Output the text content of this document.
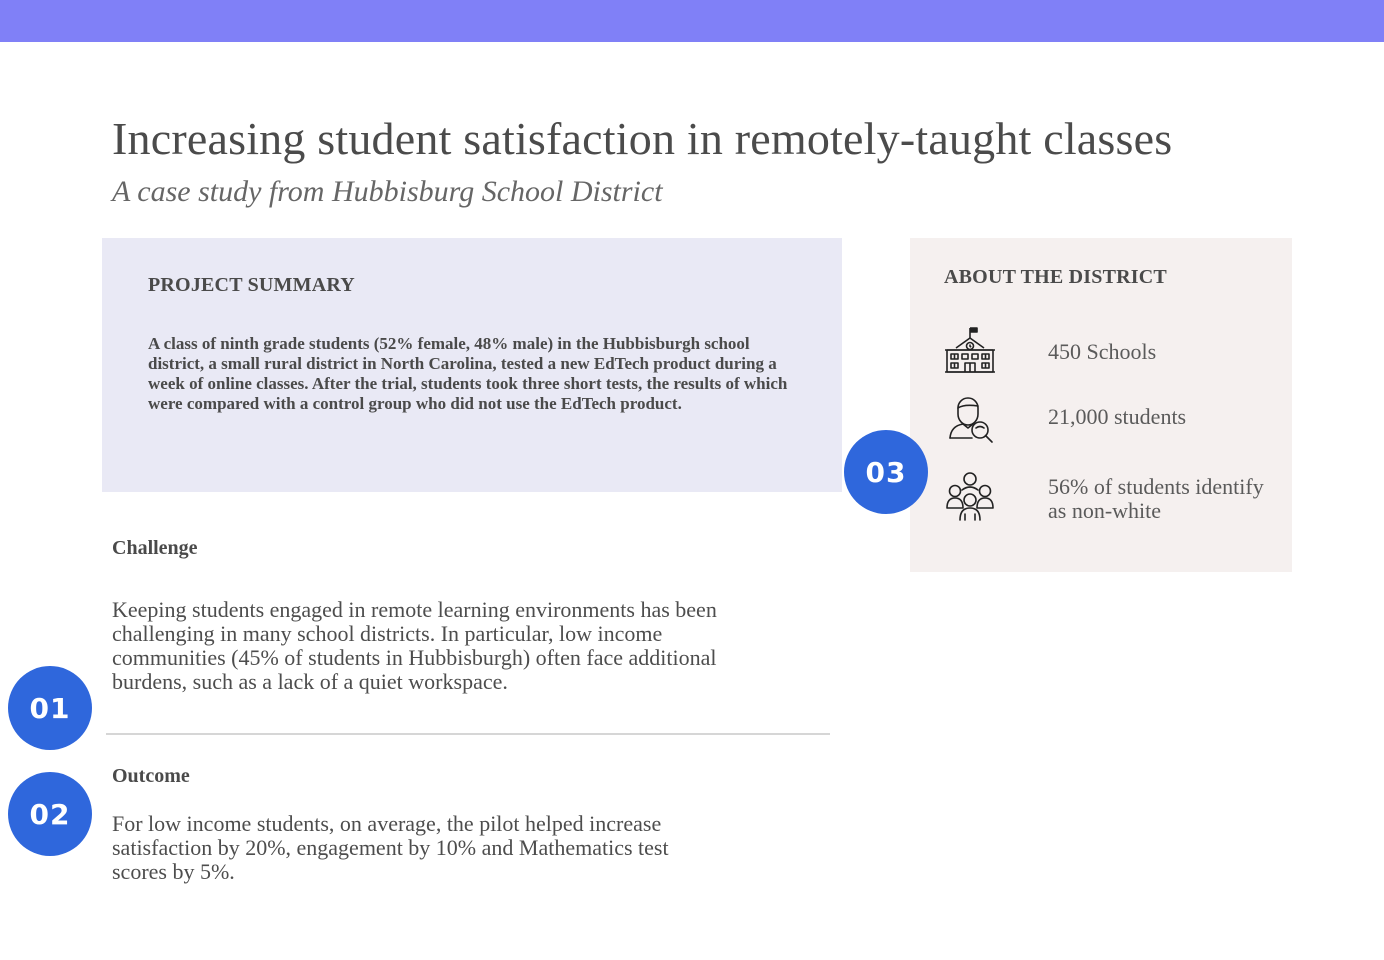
Increasing student satisfaction in remotely-taught classes

A case study from Hubbisburg School District

PROJECT SUMMARY

A class of ninth grade students (52% female, 48% male) in the Hubbisburgh school district, a small rural district in North Carolina, tested a new EdTech product during a week of online classes. After the trial, students took three short tests, the results of which were compared with a control group who did not use the EdTech product.

ABOUT THE DISTRICT

450 Schools

21,000 students

56% of students identify as non-white

03
Challenge

Keeping students engaged in remote learning environments has been challenging in many school districts. In particular, low income communities (45% of students in Hubbisburgh) often face additional burdens, such as a lack of a quiet workspace.

01
Outcome

For low income students, on average, the pilot helped increase satisfaction by 20%, engagement by 10% and Mathematics test scores by 5%.

02
